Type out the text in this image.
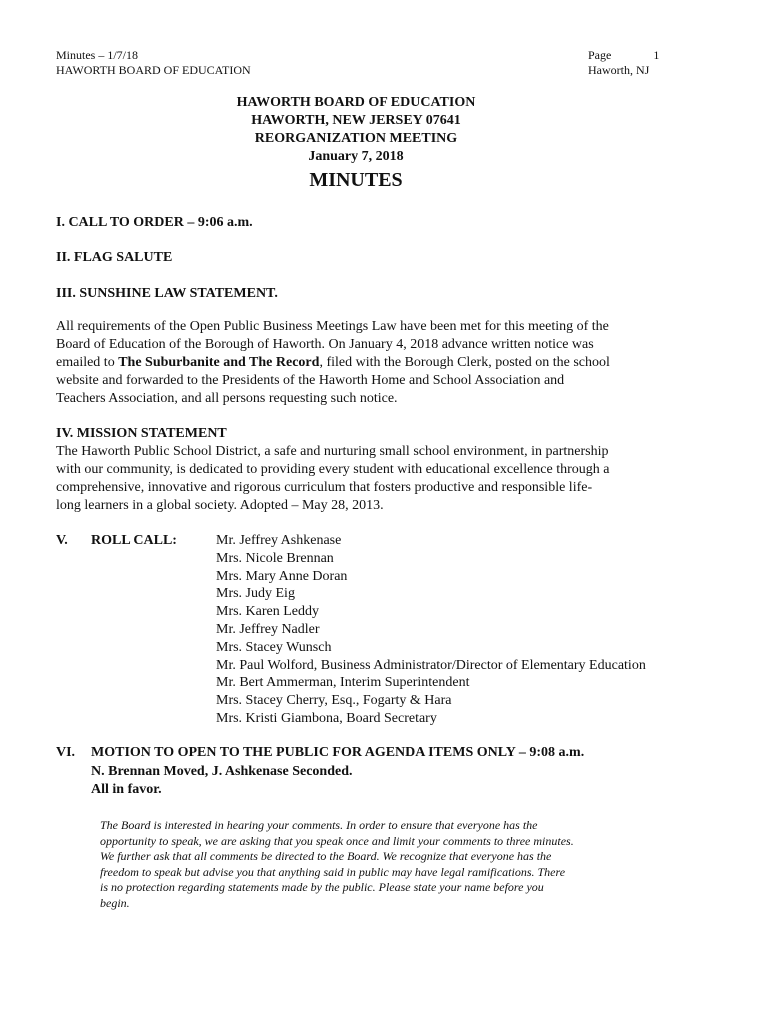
Minutes – 1/7/18
HAWORTH BOARD OF EDUCATION
Page	1
Haworth, NJ
HAWORTH BOARD OF EDUCATION
HAWORTH, NEW JERSEY 07641
REORGANIZATION MEETING
January 7, 2018
MINUTES
I. CALL TO ORDER – 9:06 a.m.
II. FLAG SALUTE
III. SUNSHINE LAW STATEMENT.
All requirements of the Open Public Business Meetings Law have been met for this meeting of the
Board of Education of the Borough of Haworth. On January 4, 2018 advance written notice was
emailed to The Suburbanite and The Record, filed with the Borough Clerk, posted on the school
website and forwarded to the Presidents of the Haworth Home and School Association and
Teachers Association, and all persons requesting such notice.
IV. MISSION STATEMENT
The Haworth Public School District, a safe and nurturing small school environment, in partnership
with our community, is dedicated to providing every student with educational excellence through a
comprehensive, innovative and rigorous curriculum that fosters productive and responsible life-
long learners in a global society. Adopted – May 28, 2013.
V. ROLL CALL:	Mr. Jeffrey Ashkenase
Mrs. Nicole Brennan
Mrs. Mary Anne Doran
Mrs. Judy Eig
Mrs. Karen Leddy
Mr. Jeffrey Nadler
Mrs. Stacey Wunsch
Mr. Paul Wolford, Business Administrator/Director of Elementary Education
Mr. Bert Ammerman, Interim Superintendent
Mrs. Stacey Cherry, Esq., Fogarty & Hara
Mrs. Kristi Giambona, Board Secretary
VI. MOTION TO OPEN TO THE PUBLIC FOR AGENDA ITEMS ONLY – 9:08 a.m.
N. Brennan Moved, J. Ashkenase Seconded.
All in favor.
The Board is interested in hearing your comments. In order to ensure that everyone has the
opportunity to speak, we are asking that you speak once and limit your comments to three minutes.
We further ask that all comments be directed to the Board. We recognize that everyone has the
freedom to speak but advise you that anything said in public may have legal ramifications. There
is no protection regarding statements made by the public. Please state your name before you
begin.
